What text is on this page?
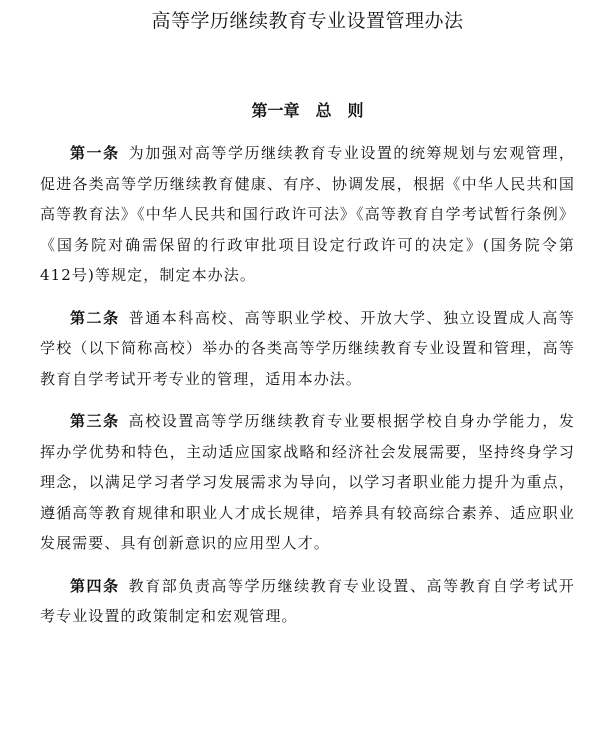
高等学历继续教育专业设置管理办法
第一章　总　则

第一条 为加强对高等学历继续教育专业设置的统筹规划与宏观管理，促进各类高等学历继续教育健康、有序、协调发展，根据《中华人民共和国高等教育法》《中华人民共和国行政许可法》《高等教育自学考试暂行条例》《国务院对确需保留的行政审批项目设定行政许可的决定》(国务院令第412号)等规定，制定本办法。

第二条 普通本科高校、高等职业学校、开放大学、独立设置成人高等学校（以下简称高校）举办的各类高等学历继续教育专业设置和管理，高等教育自学考试开考专业的管理，适用本办法。

第三条 高校设置高等学历继续教育专业要根据学校自身办学能力，发挥办学优势和特色，主动适应国家战略和经济社会发展需要，坚持终身学习理念，以满足学习者学习发展需求为导向，以学习者职业能力提升为重点，遵循高等教育规律和职业人才成长规律，培养具有较高综合素养、适应职业发展需要、具有创新意识的应用型人才。

第四条 教育部负责高等学历继续教育专业设置、高等教育自学考试开考专业设置的政策制定和宏观管理。
